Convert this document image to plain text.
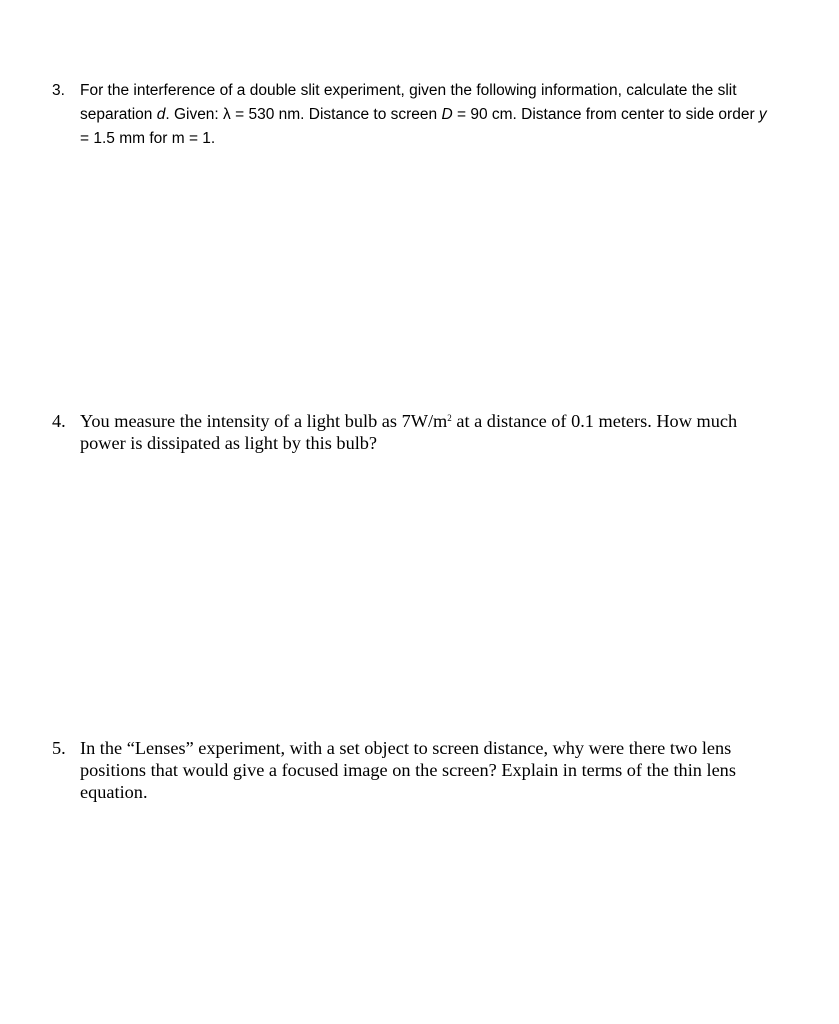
3. For the interference of a double slit experiment, given the following information, calculate the slit separation d. Given: λ = 530 nm. Distance to screen D = 90 cm. Distance from center to side order y = 1.5 mm for m = 1.
4. You measure the intensity of a light bulb as $7W/m^2$ at a distance of 0.1 meters. How much power is dissipated as light by this bulb?
5. In the “Lenses” experiment, with a set object to screen distance, why were there two lens positions that would give a focused image on the screen? Explain in terms of the thin lens equation.
